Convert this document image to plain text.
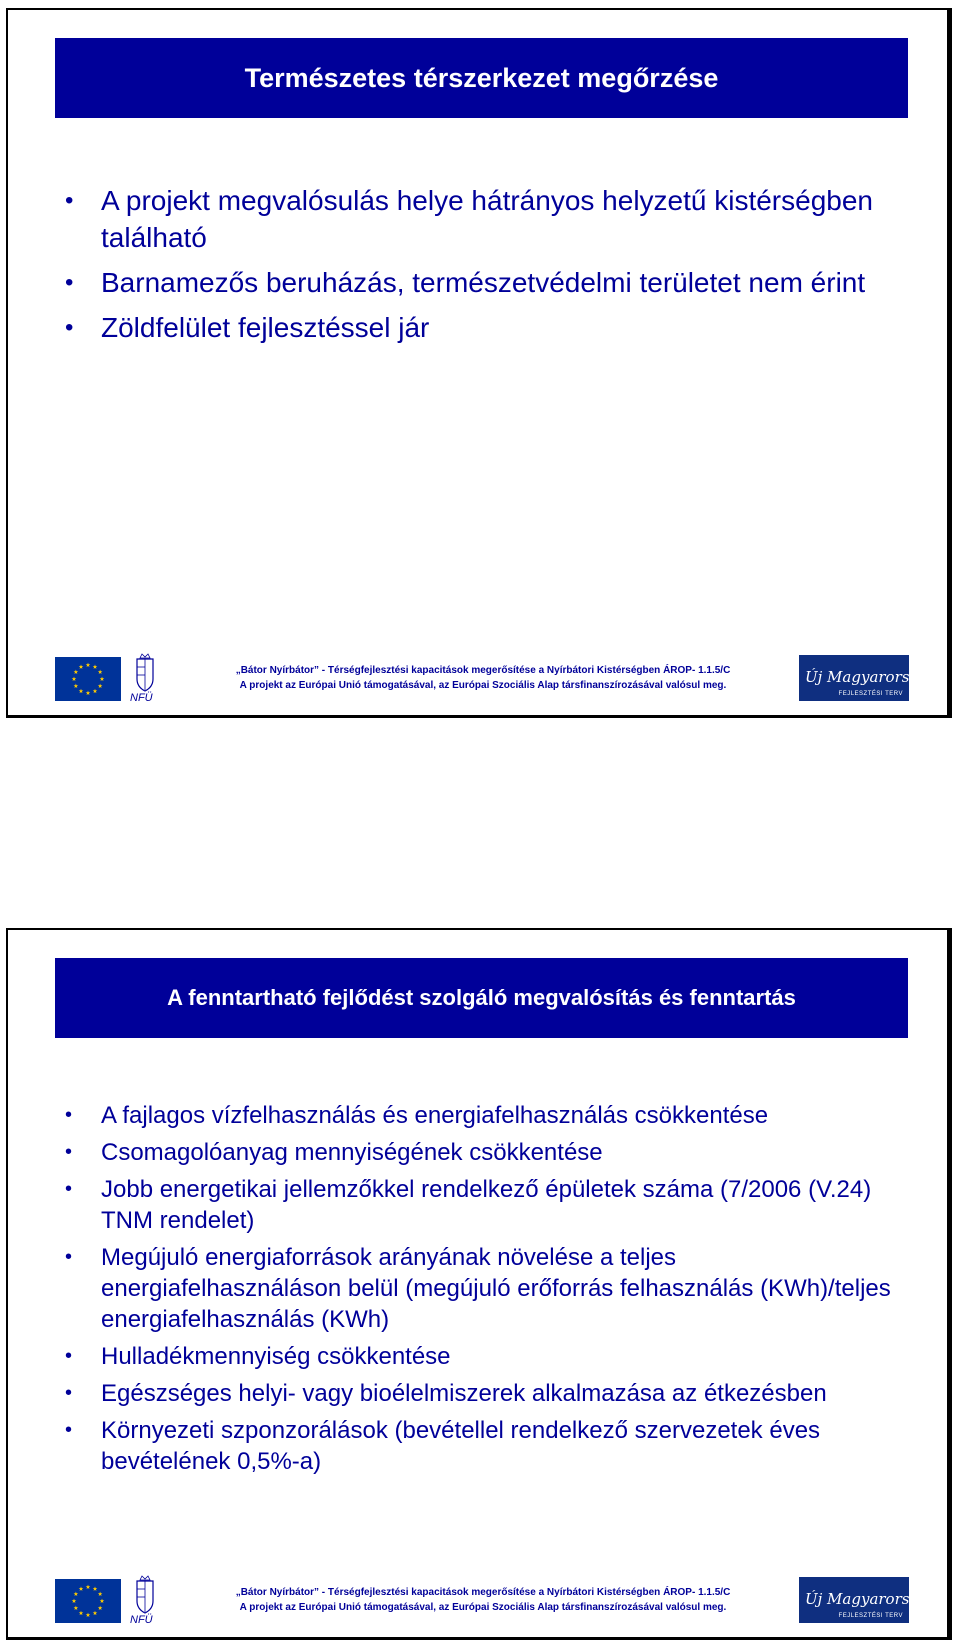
Természetes térszerkezet megőrzése
• A projekt megvalósulás helye hátrányos helyzetű kistérségben található
• Barnamezős beruházás, természetvédelmi területet nem érint
• Zöldfelület fejlesztéssel jár
NFÜ
„Bátor Nyírbátor” - Térségfejlesztési kapacitások megerősítése a Nyírbátori Kistérségben ÁROP- 1.1.5/C
A projekt az Európai Unió támogatásával, az Európai Szociális Alap társfinanszírozásával valósul meg.	Új Magyarország
FEJLESZTÉSI TERV
A fenntartható fejlődést szolgáló megvalósítás és fenntartás
• A fajlagos vízfelhasználás és energiafelhasználás csökkentése
• Csomagolóanyag mennyiségének csökkentése
• Jobb energetikai jellemzőkkel rendelkező épületek száma (7/2006 (V.24) TNM rendelet)
• Megújuló energiaforrások arányának növelése a teljes energiafelhasználáson belül (megújuló erőforrás felhasználás (KWh)/teljes energiafelhasználás (KWh)
• Hulladékmennyiség csökkentése
• Egészséges helyi- vagy bioélelmiszerek alkalmazása az étkezésben
• Környezeti szponzorálások (bevétellel rendelkező szervezetek éves bevételének 0,5%-a)
NFÜ
„Bátor Nyírbátor” - Térségfejlesztési kapacitások megerősítése a Nyírbátori Kistérségben ÁROP- 1.1.5/C
A projekt az Európai Unió támogatásával, az Európai Szociális Alap társfinanszírozásával valósul meg.	Új Magyarország
FEJLESZTÉSI TERV
